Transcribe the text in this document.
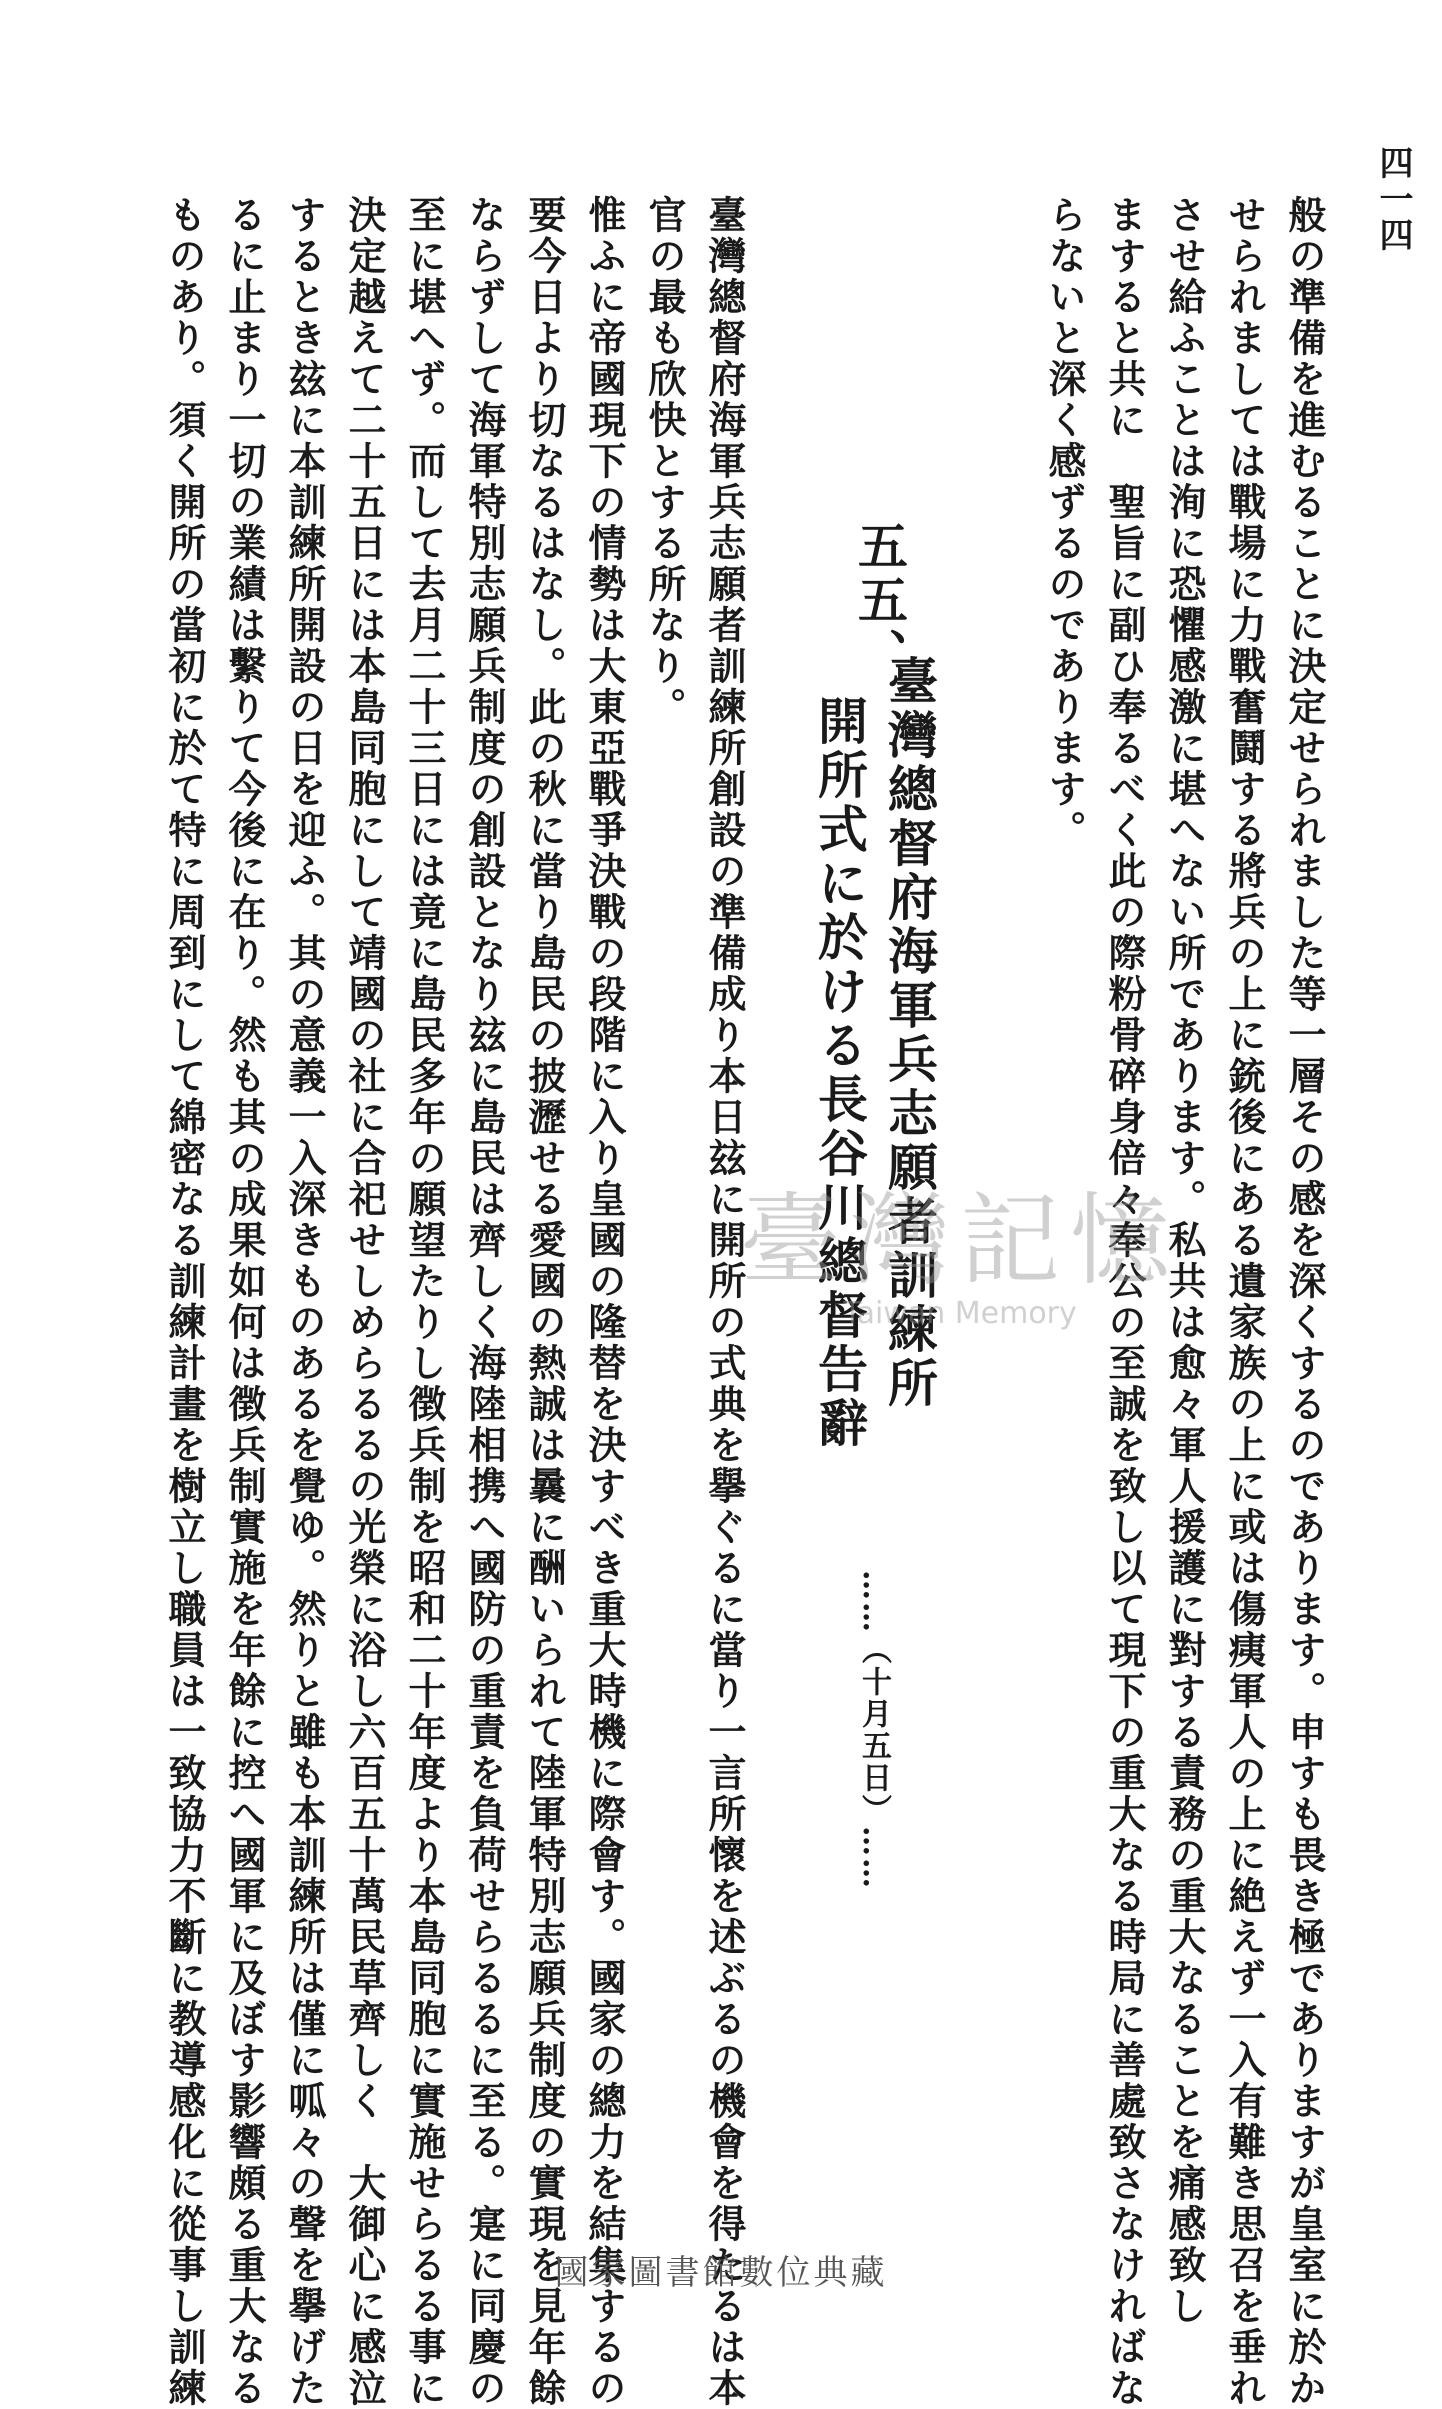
四一四
般の準備を進むることに決定せられました等一層その感を深くするのであります。申すも畏き極でありますが皇室に於か
せられましては戰場に力戰奮鬪する將兵の上に銃後にある遺家族の上に或は傷痍軍人の上に絶えず一入有難き思召を垂れ
させ給ふことは洵に恐懼感激に堪へない所であります。私共は愈々軍人援護に對する責務の重大なることを痛感致し
ますると共に　聖旨に副ひ奉るべく此の際粉骨碎身倍々奉公の至誠を致し以て現下の重大なる時局に善處致さなければな
らないと深く感ずるのであります。
五五、
臺灣總督府海軍兵志願者訓練所
開所式に於ける長谷川總督告辭
……（十月五日）……
臺灣總督府海軍兵志願者訓練所創設の準備成り本日玆に開所の式典を擧ぐるに當り一言所懷を述ぶるの機會を得たるは本
官の最も欣快とする所なり。
惟ふに帝國現下の情勢は大東亞戰爭決戰の段階に入り皇國の隆替を決すべき重大時機に際會す。國家の總力を結集するの
要今日より切なるはなし。此の秋に當り島民の披瀝せる愛國の熱誠は曩に酬いられて陸軍特別志願兵制度の實現を見年餘
ならずして海軍特別志願兵制度の創設となり玆に島民は齊しく海陸相携へ國防の重責を負荷せらるるに至る。寔に同慶の
至に堪へず。而して去月二十三日には竟に島民多年の願望たりし徴兵制を昭和二十年度より本島同胞に實施せらるる事に
決定越えて二十五日には本島同胞にして靖國の社に合祀せしめらるるの光榮に浴し六百五十萬民草齊しく　大御心に感泣
するとき玆に本訓練所開設の日を迎ふ。其の意義一入深きものあるを覺ゆ。然りと雖も本訓練所は僅に呱々の聲を擧げた
るに止まり一切の業績は繫りて今後に在り。然も其の成果如何は徴兵制實施を年餘に控へ國軍に及ぼす影響頗る重大なる
ものあり。須く開所の當初に於て特に周到にして綿密なる訓練計畫を樹立し職員は一致協力不斷に教導感化に從事し訓練	臺灣記憶
Taiwan Memory
國家圖書館數位典藏
